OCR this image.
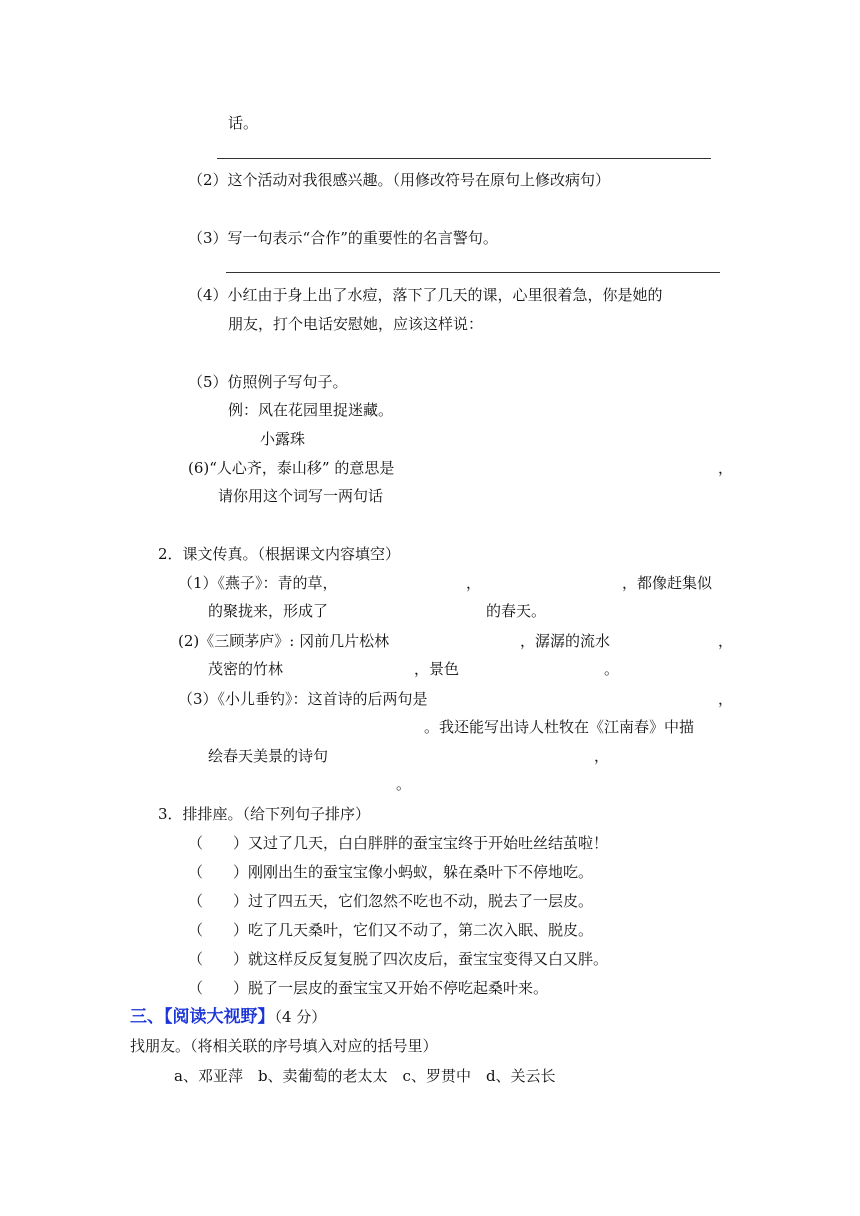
话。
（2）这个活动对我很感兴趣。（用修改符号在原句上修改病句）
（3）写一句表示“合作”的重要性的名言警句。
（4）小红由于身上出了水痘，落下了几天的课，心里很着急，你是她的
朋友，打个电话安慰她，应该这样说：
（5）仿照例子写句子。
例：风在花园里捉迷藏。
小露珠
(6)“人心齐，泰山移” 的意思是	，
请你用这个词写一两句话
2．课文传真。（根据课文内容填空）
（1）《燕子》：青的草，	，	，都像赶集似
的聚拢来，形成了	的春天。
(2)《三顾茅庐》: 冈前几片松林	，潺潺的流水	，
茂密的竹林	，景色	。
（3）《小儿垂钓》：这首诗的后两句是	，
。我还能写出诗人杜牧在《江南春》中描
绘春天美景的诗句	，
。
3．排排座。（给下列句子排序）
（　　）又过了几天，白白胖胖的蚕宝宝终于开始吐丝结茧啦！
（　　）刚刚出生的蚕宝宝像小蚂蚁，躲在桑叶下不停地吃。
（　　）过了四五天，它们忽然不吃也不动，脱去了一层皮。
（　　）吃了几天桑叶，它们又不动了，第二次入眠、脱皮。
（　　）就这样反反复复脱了四次皮后，蚕宝宝变得又白又胖。
（　　）脱了一层皮的蚕宝宝又开始不停吃起桑叶来。
三、【阅读大视野】（4 分）
找朋友。（将相关联的序号填入对应的括号里）
a、邓亚萍　b、卖葡萄的老太太　c、罗贯中　d、关云长
